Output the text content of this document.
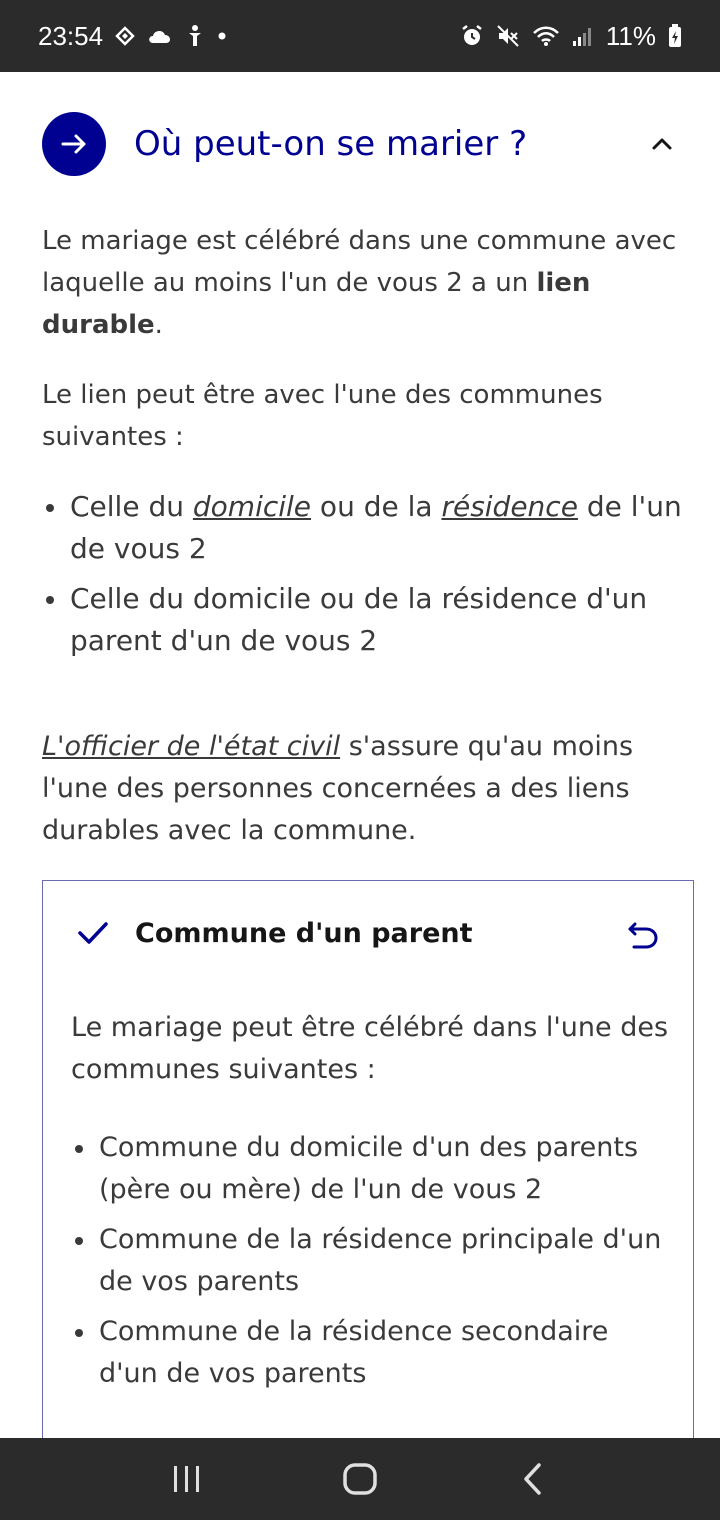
23:54	11%
Où peut-on se marier ?
Le mariage est célébré dans une commune avec laquelle au moins l'un de vous 2 a un lien durable.
Le lien peut être avec l'une des communes suivantes :
Celle du domicile ou de la résidence de l'un de vous 2
Celle du domicile ou de la résidence d'un parent d'un de vous 2
L'officier de l'état civil s'assure qu'au moins l'une des personnes concernées a des liens durables avec la commune.
Commune d'un parent
Le mariage peut être célébré dans l'une des communes suivantes :
Commune du domicile d'un des parents (père ou mère) de l'un de vous 2
Commune de la résidence principale d'un de vos parents
Commune de la résidence secondaire d'un de vos parents
